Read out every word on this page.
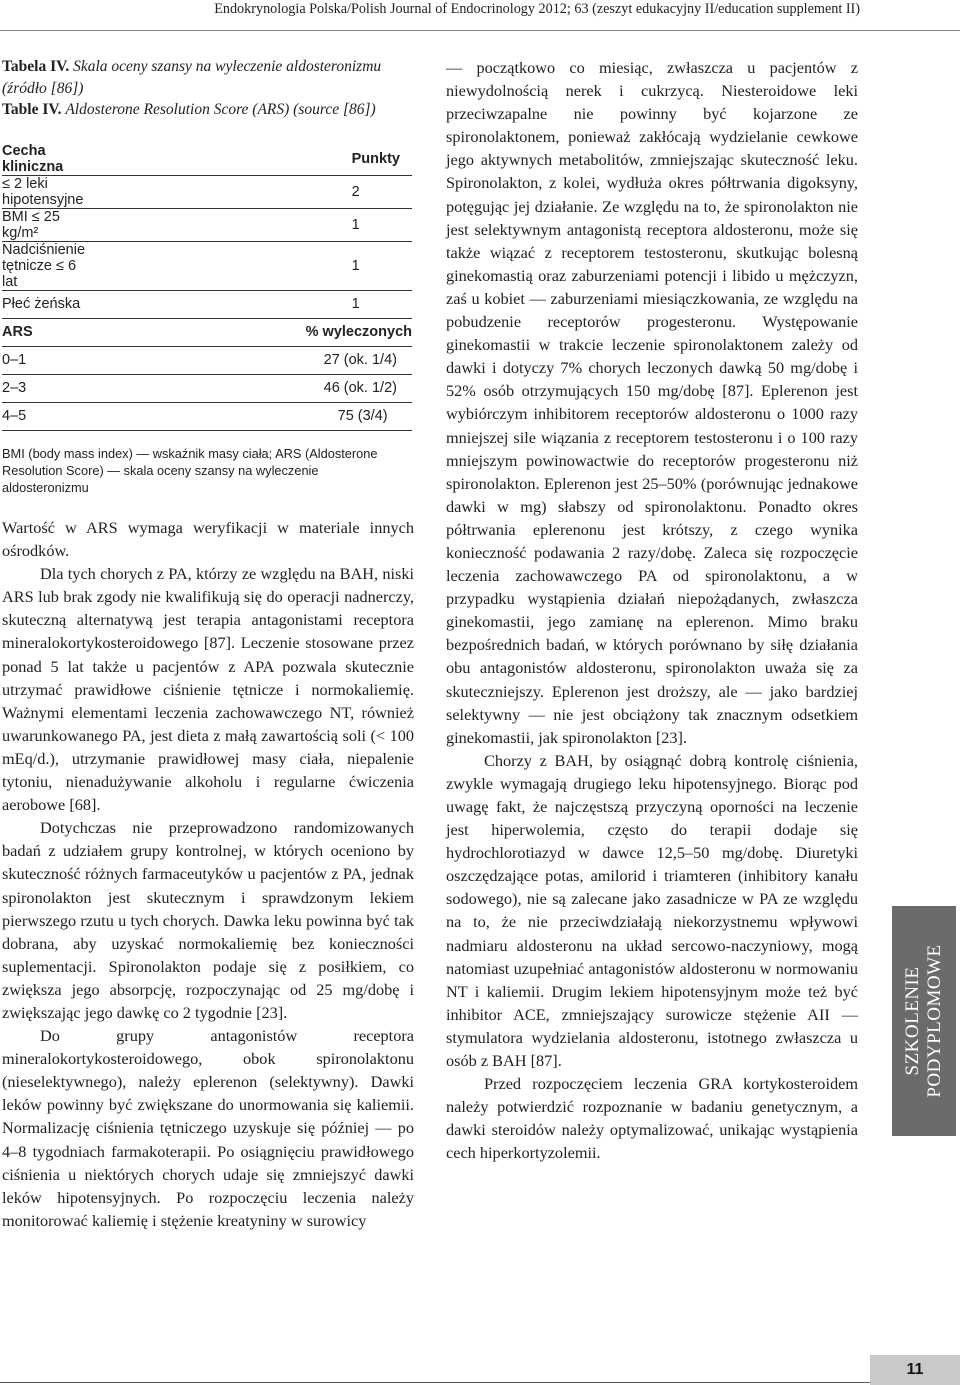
Endokrynologia Polska/Polish Journal of Endocrinology 2012; 63 (zeszyt edukacyjny II/education supplement II)

Tabela IV. Skala oceny szansy na wyleczenie aldosteronizmu (źródło [86])

Table IV. Aldosterone Resolution Score (ARS) (source [86])

Cecha kliniczna	Punkty
≤ 2 leki hipotensyjne	2
BMI ≤ 25 kg/m²	1
Nadciśnienie tętnicze ≤ 6 lat	1
Płeć żeńska	1
ARS	% wyleczonych
0–1	27 (ok. 1/4)
2–3	46 (ok. 1/2)
4–5	75 (3/4)
BMI (body mass index) — wskaźnik masy ciała; ARS (Aldosterone Resolution Score) — skala oceny szansy na wyleczenie aldosteronizmu

Wartość w ARS wymaga weryfikacji w materiale innych ośrodków.

Dla tych chorych z PA, którzy ze względu na BAH, niski ARS lub brak zgody nie kwalifikują się do operacji nadnerczy, skuteczną alternatywą jest terapia antagonistami receptora mineralokortykosteroidowego [87]. Leczenie stosowane przez ponad 5 lat także u pacjentów z APA pozwala skutecznie utrzymać prawidłowe ciśnienie tętnicze i normokaliemię. Ważnymi elementami leczenia zachowawczego NT, również uwarunkowanego PA, jest dieta z małą zawartością soli (< 100 mEq/d.), utrzymanie prawidłowej masy ciała, niepalenie tytoniu, nienadużywanie alkoholu i regularne ćwiczenia aerobowe [68].

Dotychczas nie przeprowadzono randomizowanych badań z udziałem grupy kontrolnej, w których oceniono by skuteczność różnych farmaceutyków u pacjentów z PA, jednak spironolakton jest skutecznym i sprawdzonym lekiem pierwszego rzutu u tych chorych. Dawka leku powinna być tak dobrana, aby uzyskać normokaliemię bez konieczności suplementacji. Spironolakton podaje się z posiłkiem, co zwiększa jego absorpcję, rozpoczynając od 25 mg/dobę i zwiększając jego dawkę co 2 tygodnie [23].

Do grupy antagonistów receptora mineralokortykosteroidowego, obok spironolaktonu (nieselektywnego), należy eplerenon (selektywny). Dawki leków powinny być zwiększane do unormowania się kaliemii. Normalizację ciśnienia tętniczego uzyskuje się później — po 4–8 tygodniach farmakoterapii. Po osiągnięciu prawidłowego ciśnienia u niektórych chorych udaje się zmniejszyć dawki leków hipotensyjnych. Po rozpoczęciu leczenia należy monitorować kaliemię i stężenie kreatyniny w surowicy

— początkowo co miesiąc, zwłaszcza u pacjentów z niewydolnością nerek i cukrzycą. Niesteroidowe leki przeciwzapalne nie powinny być kojarzone ze spironolaktonem, ponieważ zakłócają wydzielanie cewkowe jego aktywnych metabolitów, zmniejszając skuteczność leku. Spironolakton, z kolei, wydłuża okres półtrwania digoksyny, potęgując jej działanie. Ze względu na to, że spironolakton nie jest selektywnym antagonistą receptora aldosteronu, może się także wiązać z receptorem testosteronu, skutkując bolesną ginekomastią oraz zaburzeniami potencji i libido u mężczyzn, zaś u kobiet — zaburzeniami miesiączkowania, ze względu na pobudzenie receptorów progesteronu. Występowanie ginekomastii w trakcie leczenie spironolaktonem zależy od dawki i dotyczy 7% chorych leczonych dawką 50 mg/dobę i 52% osób otrzymujących 150 mg/dobę [87]. Eplerenon jest wybiórczym inhibitorem receptorów aldosteronu o 1000 razy mniejszej sile wiązania z receptorem testosteronu i o 100 razy mniejszym powinowactwie do receptorów progesteronu niż spironolakton. Eplerenon jest 25–50% (porównując jednakowe dawki w mg) słabszy od spironolaktonu. Ponadto okres półtrwania eplerenonu jest krótszy, z czego wynika konieczność podawania 2 razy/dobę. Zaleca się rozpoczęcie leczenia zachowawczego PA od spironolaktonu, a w przypadku wystąpienia działań niepożądanych, zwłaszcza ginekomastii, jego zamianę na eplerenon. Mimo braku bezpośrednich badań, w których porównano by siłę działania obu antagonistów aldosteronu, spironolakton uważa się za skuteczniejszy. Eplerenon jest droższy, ale — jako bardziej selektywny — nie jest obciążony tak znacznym odsetkiem ginekomastii, jak spironolakton [23].

Chorzy z BAH, by osiągnąć dobrą kontrolę ciśnienia, zwykle wymagają drugiego leku hipotensyjnego. Biorąc pod uwagę fakt, że najczęstszą przyczyną oporności na leczenie jest hiperwolemia, często do terapii dodaje się hydrochlorotiazyd w dawce 12,5–50 mg/dobę. Diuretyki oszczędzające potas, amilorid i triamteren (inhibitory kanału sodowego), nie są zalecane jako zasadnicze w PA ze względu na to, że nie przeciwdziałają niekorzystnemu wpływowi nadmiaru aldosteronu na układ sercowo-naczyniowy, mogą natomiast uzupełniać antagonistów aldosteronu w normowaniu NT i kaliemii. Drugim lekiem hipotensyjnym może też być inhibitor ACE, zmniejszający surowicze stężenie AII — stymulatora wydzielania aldosteronu, istotnego zwłaszcza u osób z BAH [87].

Przed rozpoczęciem leczenia GRA kortykosteroidem należy potwierdzić rozpoznanie w badaniu genetycznym, a dawki steroidów należy optymalizować, unikając wystąpienia cech hiperkortyzolemii.

SZKOLENIE PODYPLOMOWE
11
